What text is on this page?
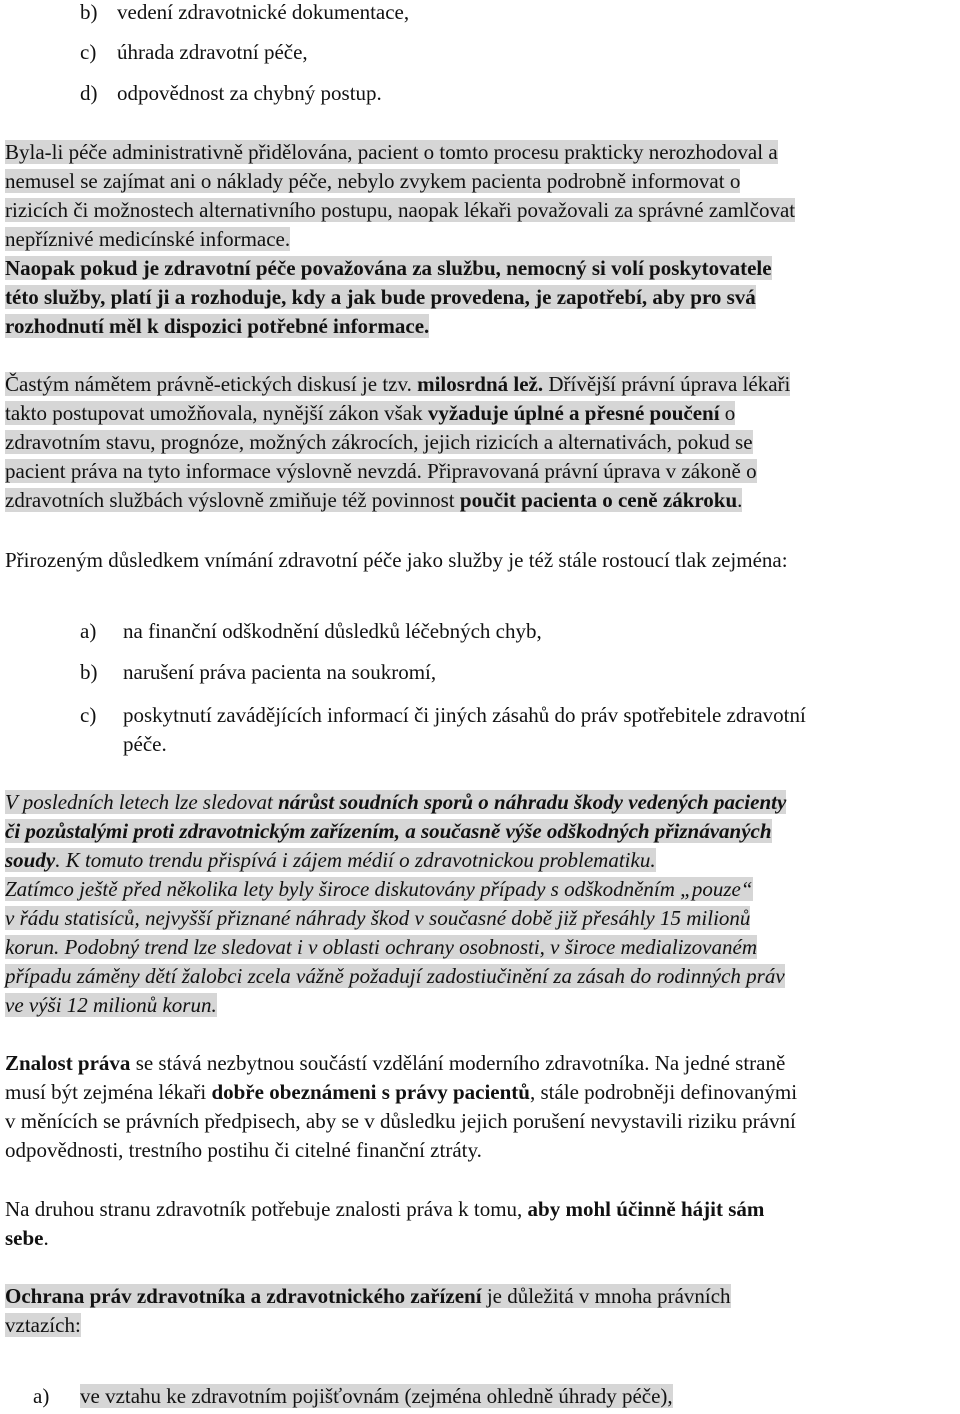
b) vedení zdravotnické dokumentace,
c) úhrada zdravotní péče,
d) odpovědnost za chybný postup.
Byla-li péče administrativně přidělována, pacient o tomto procesu prakticky nerozhodoval a
nemusel se zajímat ani o náklady péče, nebylo zvykem pacienta podrobně informovat o
rizicích či možnostech alternativního postupu, naopak lékaři považovali za správné zamlčovat
nepříznivé medicínské informace.
Naopak pokud je zdravotní péče považována za službu, nemocný si volí poskytovatele
této služby, platí ji a rozhoduje, kdy a jak bude provedena, je zapotřebí, aby pro svá
rozhodnutí měl k dispozici potřebné informace.
Častým námětem právně-etických diskusí je tzv. milosrdná lež. Dřívější právní úprava lékaři
takto postupovat umožňovala, nynější zákon však vyžaduje úplné a přesné poučení o
zdravotním stavu, prognóze, možných zákrocích, jejich rizicích a alternativách, pokud se
pacient práva na tyto informace výslovně nevzdá. Připravovaná právní úprava v zákoně o
zdravotních službách výslovně zmiňuje též povinnost poučit pacienta o ceně zákroku.
Přirozeným důsledkem vnímání zdravotní péče jako služby je též stále rostoucí tlak zejména:
a) na finanční odškodnění důsledků léčebných chyb,
b) narušení práva pacienta na soukromí,
c) poskytnutí zavádějících informací či jiných zásahů do práv spotřebitele zdravotní
péče.
V posledních letech lze sledovat nárůst soudních sporů o náhradu škody vedených pacienty
či pozůstalými proti zdravotnickým zařízením, a současně výše odškodných přiznávaných
soudy. K tomuto trendu přispívá i zájem médií o zdravotnickou problematiku.
Zatímco ještě před několika lety byly široce diskutovány případy s odškodněním „pouze“
v řádu statisíců, nejvyšší přiznané náhrady škod v současné době již přesáhly 15 milionů
korun. Podobný trend lze sledovat i v oblasti ochrany osobnosti, v široce medializovaném
případu záměny dětí žalobci zcela vážně požadují zadostiučinění za zásah do rodinných práv
ve výši 12 milionů korun.
Znalost práva se stává nezbytnou součástí vzdělání moderního zdravotníka. Na jedné straně
musí být zejména lékaři dobře obeznámeni s právy pacientů, stále podrobněji definovanými
v měnících se právních předpisech, aby se v důsledku jejich porušení nevystavili riziku právní
odpovědnosti, trestního postihu či citelné finanční ztráty.
Na druhou stranu zdravotník potřebuje znalosti práva k tomu, aby mohl účinně hájit sám
sebe.
Ochrana práv zdravotníka a zdravotnického zařízení je důležitá v mnoha právních
vztazích:
a) ve vztahu ke zdravotním pojišťovnám (zejména ohledně úhrady péče),
